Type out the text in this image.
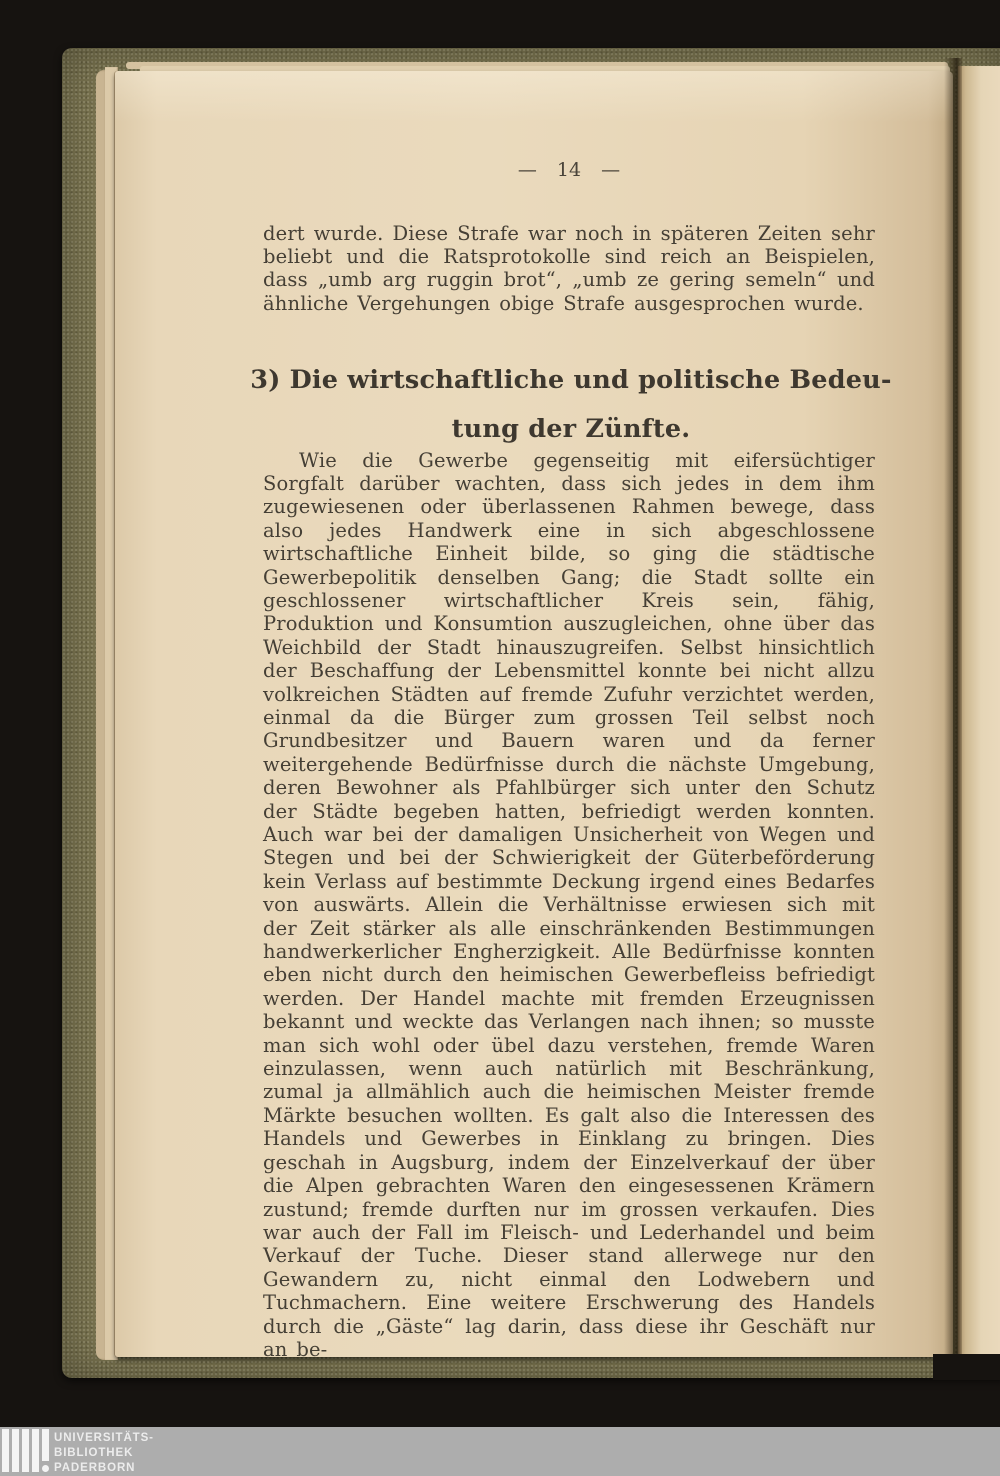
— 14 —

dert wurde. Diese Strafe war noch in späteren Zeiten sehr beliebt und die Ratsprotokolle sind reich an Beispielen, dass „umb arg ruggin brot“, „umb ze gering semeln“ und ähnliche Vergehungen obige Strafe ausgesprochen wurde.

3) Die wirtschaftliche und politische Bedeu-
tung der Zünfte.

Wie die Gewerbe gegenseitig mit eifersüchtiger Sorgfalt darüber wachten, dass sich jedes in dem ihm zugewiesenen oder überlassenen Rahmen bewege, dass also jedes Handwerk eine in sich abgeschlossene wirtschaftliche Einheit bilde, so ging die städtische Gewerbepolitik denselben Gang; die Stadt sollte ein geschlossener wirtschaftlicher Kreis sein, fähig, Produktion und Konsumtion auszugleichen, ohne über das Weichbild der Stadt hinauszugreifen. Selbst hinsichtlich der Beschaffung der Lebensmittel konnte bei nicht allzu volkreichen Städten auf fremde Zufuhr verzichtet werden, einmal da die Bürger zum grossen Teil selbst noch Grundbesitzer und Bauern waren und da ferner weitergehende Bedürfnisse durch die nächste Umgebung, deren Bewohner als Pfahlbürger sich unter den Schutz der Städte begeben hatten, befriedigt werden konnten. Auch war bei der damaligen Unsicherheit von Wegen und Stegen und bei der Schwierigkeit der Güterbeförderung kein Verlass auf bestimmte Deckung irgend eines Bedarfes von auswärts. Allein die Verhältnisse erwiesen sich mit der Zeit stärker als alle einschränkenden Bestimmungen handwerkerlicher Engherzigkeit. Alle Bedürfnisse konnten eben nicht durch den heimischen Gewerbefleiss befriedigt werden. Der Handel machte mit fremden Erzeugnissen bekannt und weckte das Verlangen nach ihnen; so musste man sich wohl oder übel dazu verstehen, fremde Waren einzulassen, wenn auch natürlich mit Beschränkung, zumal ja allmählich auch die heimischen Meister fremde Märkte besuchen wollten. Es galt also die Interessen des Handels und Gewerbes in Einklang zu bringen. Dies geschah in Augsburg, indem der Einzelverkauf der über die Alpen gebrachten Waren den eingesessenen Krämern zustund; fremde durften nur im grossen verkaufen. Dies war auch der Fall im Fleisch- und Lederhandel und beim Verkauf der Tuche. Dieser stand allerwege nur den Gewandern zu, nicht einmal den Lodwebern und Tuchmachern. Eine weitere Erschwerung des Handels durch die „Gäste“ lag darin, dass diese ihr Geschäft nur an be-

UNIVERSITÄTS-
BIBLIOTHEK
PADERBORN
